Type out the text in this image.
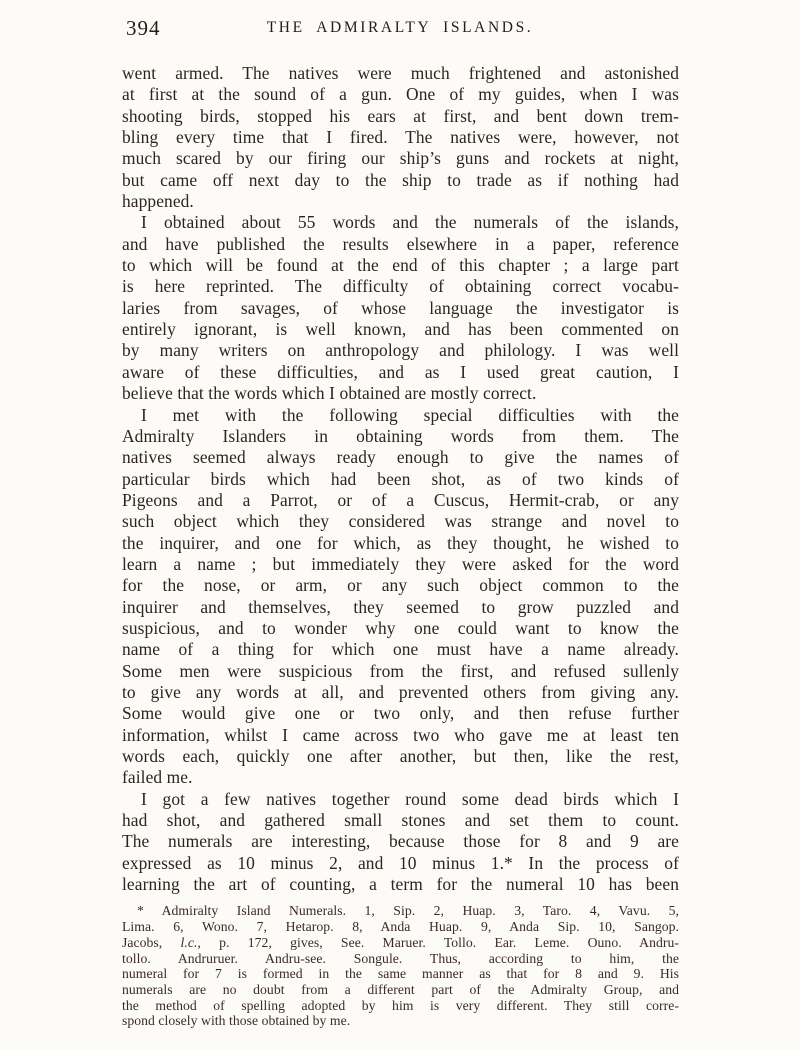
394	THE ADMIRALTY ISLANDS.
went armed. The natives were much frightened and astonished
at first at the sound of a gun. One of my guides, when I was
shooting birds, stopped his ears at first, and bent down trem-
bling every time that I fired. The natives were, however, not
much scared by our firing our ship’s guns and rockets at night,
but came off next day to the ship to trade as if nothing had
happened.
I obtained about 55 words and the numerals of the islands,
and have published the results elsewhere in a paper, reference
to which will be found at the end of this chapter ; a large part
is here reprinted. The difficulty of obtaining correct vocabu-
laries from savages, of whose language the investigator is
entirely ignorant, is well known, and has been commented on
by many writers on anthropology and philology. I was well
aware of these difficulties, and as I used great caution, I
believe that the words which I obtained are mostly correct.
I met with the following special difficulties with the
Admiralty Islanders in obtaining words from them. The
natives seemed always ready enough to give the names of
particular birds which had been shot, as of two kinds of
Pigeons and a Parrot, or of a Cuscus, Hermit-crab, or any
such object which they considered was strange and novel to
the inquirer, and one for which, as they thought, he wished to
learn a name ; but immediately they were asked for the word
for the nose, or arm, or any such object common to the
inquirer and themselves, they seemed to grow puzzled and
suspicious, and to wonder why one could want to know the
name of a thing for which one must have a name already.
Some men were suspicious from the first, and refused sullenly
to give any words at all, and prevented others from giving any.
Some would give one or two only, and then refuse further
information, whilst I came across two who gave me at least ten
words each, quickly one after another, but then, like the rest,
failed me.
I got a few natives together round some dead birds which I
had shot, and gathered small stones and set them to count.
The numerals are interesting, because those for 8 and 9 are
expressed as 10 minus 2, and 10 minus 1.* In the process of
learning the art of counting, a term for the numeral 10 has been
* Admiralty Island Numerals. 1, Sip. 2, Huap. 3, Taro. 4, Vavu. 5,
Lima. 6, Wono. 7, Hetarop. 8, Anda Huap. 9, Anda Sip. 10, Sangop.
Jacobs, l.c., p. 172, gives, See. Maruer. Tollo. Ear. Leme. Ouno. Andru-
tollo. Andruruer. Andru-see. Songule. Thus, according to him, the
numeral for 7 is formed in the same manner as that for 8 and 9. His
numerals are no doubt from a different part of the Admiralty Group, and
the method of spelling adopted by him is very different. They still corre-
spond closely with those obtained by me.
